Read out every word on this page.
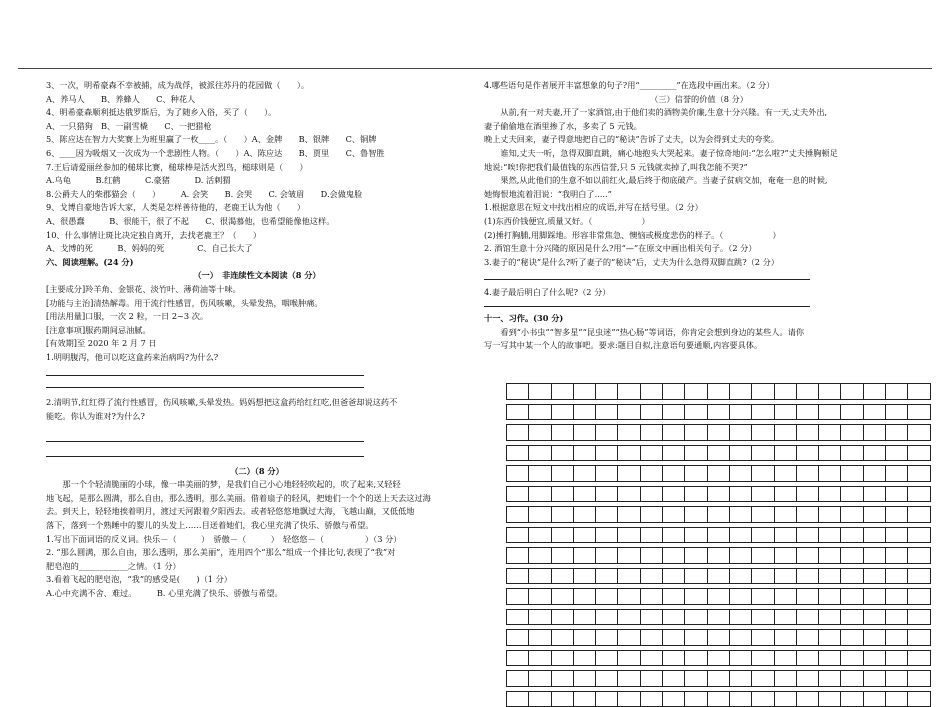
3、一次，明希豪森不幸被捕，成为战俘，被派往苏丹的花园做（　　）。
A、养马人　　B、养蜂人　　C、种花人
4、明希豪森顺利抵达俄罗斯后，为了随乡入俗，买了（　　）。
A、一只猎狗　B、一副雪橇　　C、一把猎枪
5、陈应达在智力大奖赛上为班里赢了一枚____。（　　）A、金牌　　B、银牌　　C、铜牌
6、____因为吸烟又一次成为一个悲剧性人物。（　　）A、陈应达　　B、贾里　　C、鲁智胜
7.王后请爱丽丝参加的槌球比赛，槌球棒是活火烈鸟，槌球则是（　　）
A.乌龟　　　B.红鹤　　　C.豪猪　　　D. 活刺猬
8.公爵夫人的柴郡猫会（　　）　　　A. 会笑　　B. 会哭　　C. 会皱眉　　D.会做鬼脸
9、戈博自豪地告诉大家，人类是怎样善待他的，老鹿王认为他（　　）
A、很愚蠢　　　B、很能干，很了不起　　C、很渴慕他，也希望能像他这样。
10、什么事情让斑比决定独自离开，去找老鹿王？（　　）
A、戈博的死　　　B、妈妈的死　　　　C、自己长大了
六、阅读理解。(24 分)
（一）　非连续性文本阅读（8 分）
[主要成分]羚羊角、金银花、淡竹叶、薄荷油等十味。
[功能与主治]清热解毒。用于流行性感冒，伤风咳嗽，头晕发热，咽喉肿痛。
[用法用量]口服，一次 2 粒，一日 2~3 次。
[注意事项]服药期间忌油腻。
[有效期]至 2020 年 2 月 7 日
1.明明腹泻，他可以吃这盒药来治病吗?为什么?
2.清明节,红红得了流行性感冒，伤风咳嗽,头晕发热。妈妈想把这盒药给红红吃,但爸爸却说这药不
能吃。你认为谁对?为什么?
（二）（8 分）
　　那一个个轻清脆丽的小球，像一串美丽的梦，是我们自己小心地轻轻吹起的，吹了起来,又轻轻
地飞起，是那么圆满，那么自由，那么透明，那么美丽。借着扇子的轻风，把她们一个个的送上天去这过海
去。到天上，轻轻地挨着明月，渡过天河跟着夕阳西去。或者轻悠悠地飘过大海，飞越山巅，又低低地
落下，落到一个熟睡中的婴儿的头发上……目送着她们，我心里充满了快乐、骄傲与希望。
1.写出下面词语的反义词。快乐－（　　　）　骄傲－（　　　）　轻悠悠－（　　　　　）（3 分）
2. “那么圆满，那么自由，那么透明，那么美丽”，连用四个“那么”组成一个排比句,表现了“我”对
肥皂泡的____________之情。（1 分）
3.看着飞起的肥皂泡，“我”的感受是(　　)（1 分）
A.心中充满不舍、难过。　　　B. 心里充满了快乐、骄傲与希望。
4.哪些语句是作者展开丰富想象的句子?用“_________”在选段中画出来。（2 分）
（三）信誉的价值（8 分）
　　从前,有一对夫妻,开了一家酒馆,由于他们卖的酒物美价廉,生意十分兴隆。有一天,丈夫外出,
妻子偷偷地在酒里掺了水，多卖了 5 元钱。
晚上丈夫回来，妻子得意地把自己的“秘诀”告诉了丈夫，以为会得到丈夫的夸奖。
　　谁知,丈夫一听，急得双脚直跳，痛心地抱头大哭起来。妻子惊奇地问:“怎么啦?”丈夫捶胸顿足
地说:“唉!你把我们最值钱的东西信誉,只 5 元钱就卖掉了,叫我怎能不哭?”
　　果然,从此他们的生意不如以前红火,最后终于彻底破产。当妻子贫病交加，奄奄一息的时候,
她悔恨地流着泪说：“我明白了.....”
1.根据意思在短文中找出相应的成语,并写在括号里。（2 分）
(1)东西价钱便宜,质量又好。（　　　　　　）
(2)捶打胸脯,用脚踩地。形容非常焦急、懊恼或极度悲伤的样子。（　　　　　　）
2. 酒馆生意十分兴隆的原因是什么?用“—”在原文中画出相关句子。（2 分）
3.妻子的“秘诀”是什么?听了妻子的“秘诀”后，丈夫为什么急得双脚直跳?（2 分）
4.妻子最后明白了什么呢?（2 分）
十一、习作。(30 分)
　　看到“小书虫”“智多星”“昆虫迷”“热心肠”等词语，你肯定会想到身边的某些人。请你
写一写其中某一个人的故事吧。要求:题目自拟,注意语句要通顺,内容要具体。
